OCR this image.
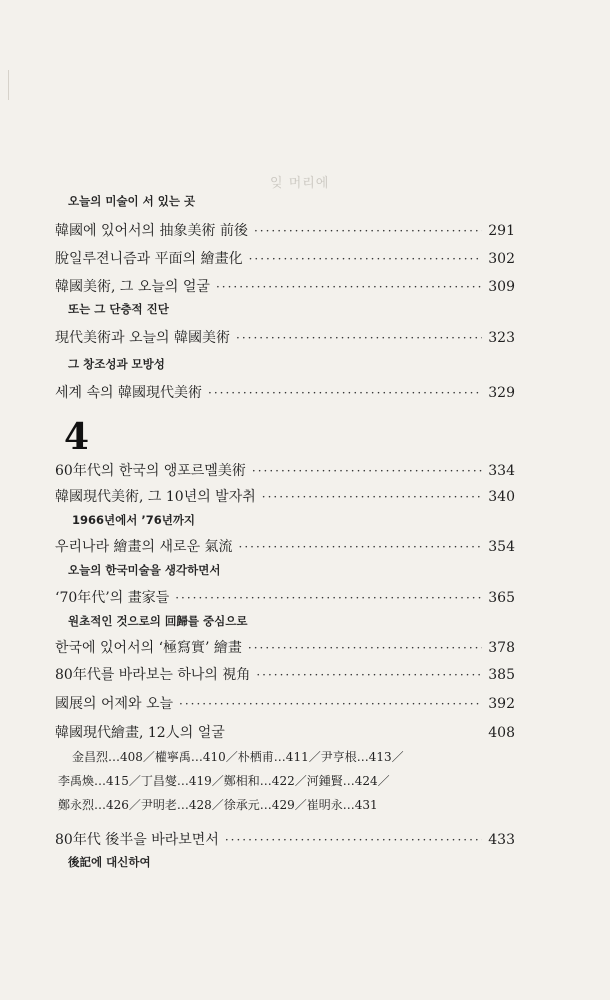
잊 머리에
오늘의 미술이 서 있는 곳
韓國에 있어서의 抽象美術 前後 ·····	291
脫일루젼니즘과 平面의 繪畫化 ·····	302
韓國美術, 그 오늘의 얼굴 ·····	309
또는 그 단층적 진단
現代美術과 오늘의 韓國美術 ·····	323
그 창조성과 모방성
세계 속의 韓國現代美術 ·····	329
4
60年代의 한국의 앵포르멜美術 ·····	334
韓國現代美術, 그 10년의 발자취 ·····	340
1966년에서 ’76년까지
우리나라 繪畫의 새로운 氣流 ·····	354
오늘의 한국미술을 생각하면서
‘70年代’의 畫家들 ·····	365
원초적인 것으로의 回歸를 중심으로
한국에 있어서의 ‘極寫實’ 繪畫 ·····	378
80年代를 바라보는 하나의 視角 ·····	385
國展의 어제와 오늘 ·····	392
韓國現代繪畫, 12人의 얼굴	408
金昌烈…408／權寧禹…410／朴栖甫…411／尹亨根…413／
李禹煥…415／丁昌燮…419／鄭相和…422／河鍾賢…424／
鄭永烈…426／尹明老…428／徐承元…429／崔明永…431
80年代 後半을 바라보면서 ·····	433
後記에 대신하여
